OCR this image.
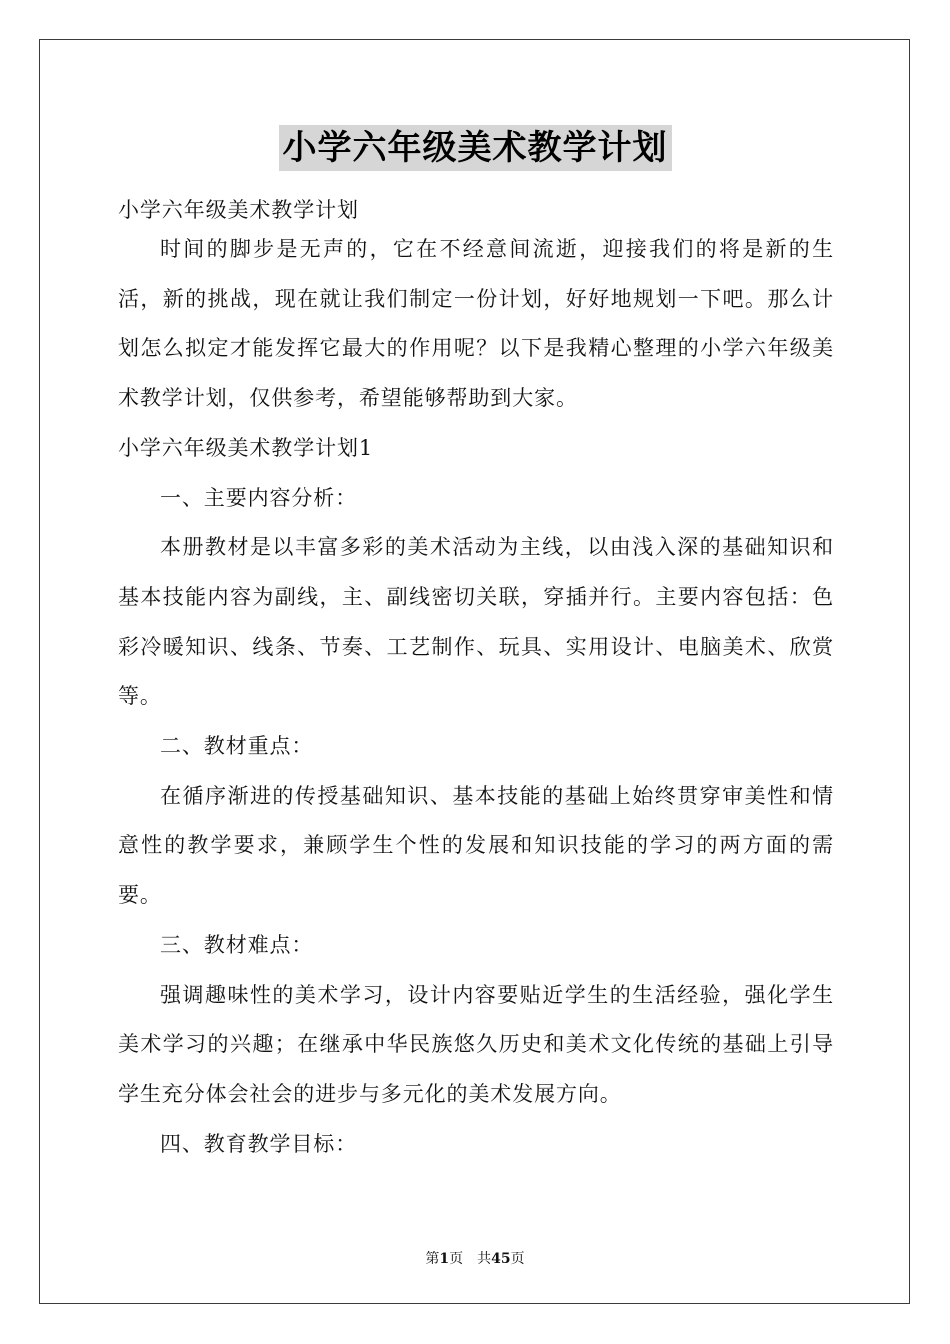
小学六年级美术教学计划

小学六年级美术教学计划

时间的脚步是无声的，它在不经意间流逝，迎接我们的将是新的生活，新的挑战，现在就让我们制定一份计划，好好地规划一下吧。那么计划怎么拟定才能发挥它最大的作用呢？以下是我精心整理的小学六年级美术教学计划，仅供参考，希望能够帮助到大家。

小学六年级美术教学计划1

一、主要内容分析：

本册教材是以丰富多彩的美术活动为主线，以由浅入深的基础知识和基本技能内容为副线，主、副线密切关联，穿插并行。主要内容包括：色彩冷暖知识、线条、节奏、工艺制作、玩具、实用设计、电脑美术、欣赏等。

二、教材重点：

在循序渐进的传授基础知识、基本技能的基础上始终贯穿审美性和情意性的教学要求，兼顾学生个性的发展和知识技能的学习的两方面的需要。

三、教材难点：

强调趣味性的美术学习，设计内容要贴近学生的生活经验，强化学生美术学习的兴趣；在继承中华民族悠久历史和美术文化传统的基础上引导学生充分体会社会的进步与多元化的美术发展方向。

四、教育教学目标：

第1页 共45页
